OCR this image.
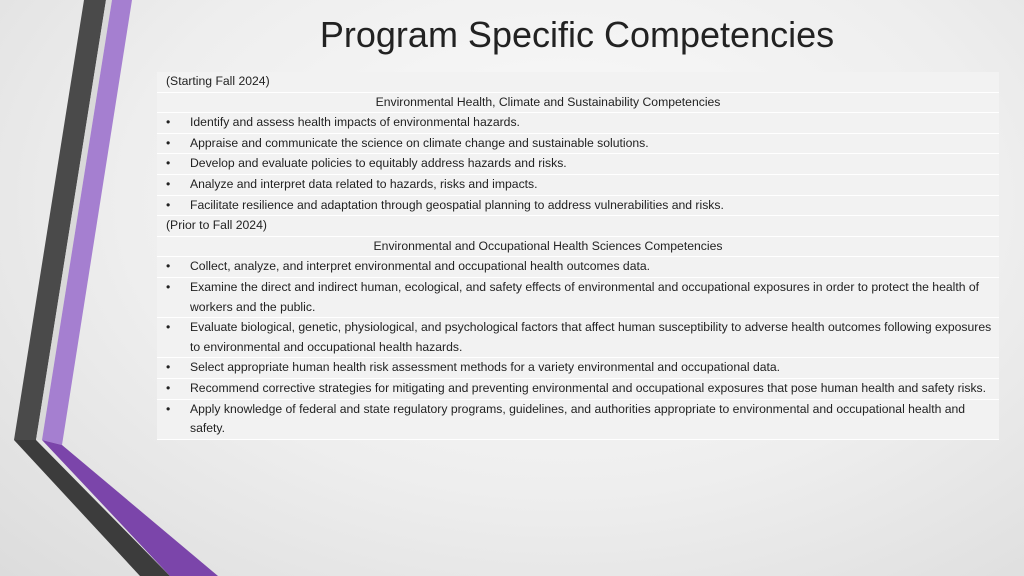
Program Specific Competencies
(Starting Fall 2024)
Environmental Health, Climate and Sustainability Competencies
• Identify and assess health impacts of environmental hazards.
• Appraise and communicate the science on climate change and sustainable solutions.
• Develop and evaluate policies to equitably address hazards and risks.
• Analyze and interpret data related to hazards, risks and impacts.
• Facilitate resilience and adaptation through geospatial planning to address vulnerabilities and risks.
(Prior to Fall 2024)
Environmental and Occupational Health Sciences Competencies
• Collect, analyze, and interpret environmental and occupational health outcomes data.
• Examine the direct and indirect human, ecological, and safety effects of environmental and occupational exposures in order to protect the health of workers and the public.
• Evaluate biological, genetic, physiological, and psychological factors that affect human susceptibility to adverse health outcomes following exposures to environmental and occupational health hazards.
• Select appropriate human health risk assessment methods for a variety environmental and occupational data.
• Recommend corrective strategies for mitigating and preventing environmental and occupational exposures that pose human health and safety risks.
• Apply knowledge of federal and state regulatory programs, guidelines, and authorities appropriate to environmental and occupational health and safety.
